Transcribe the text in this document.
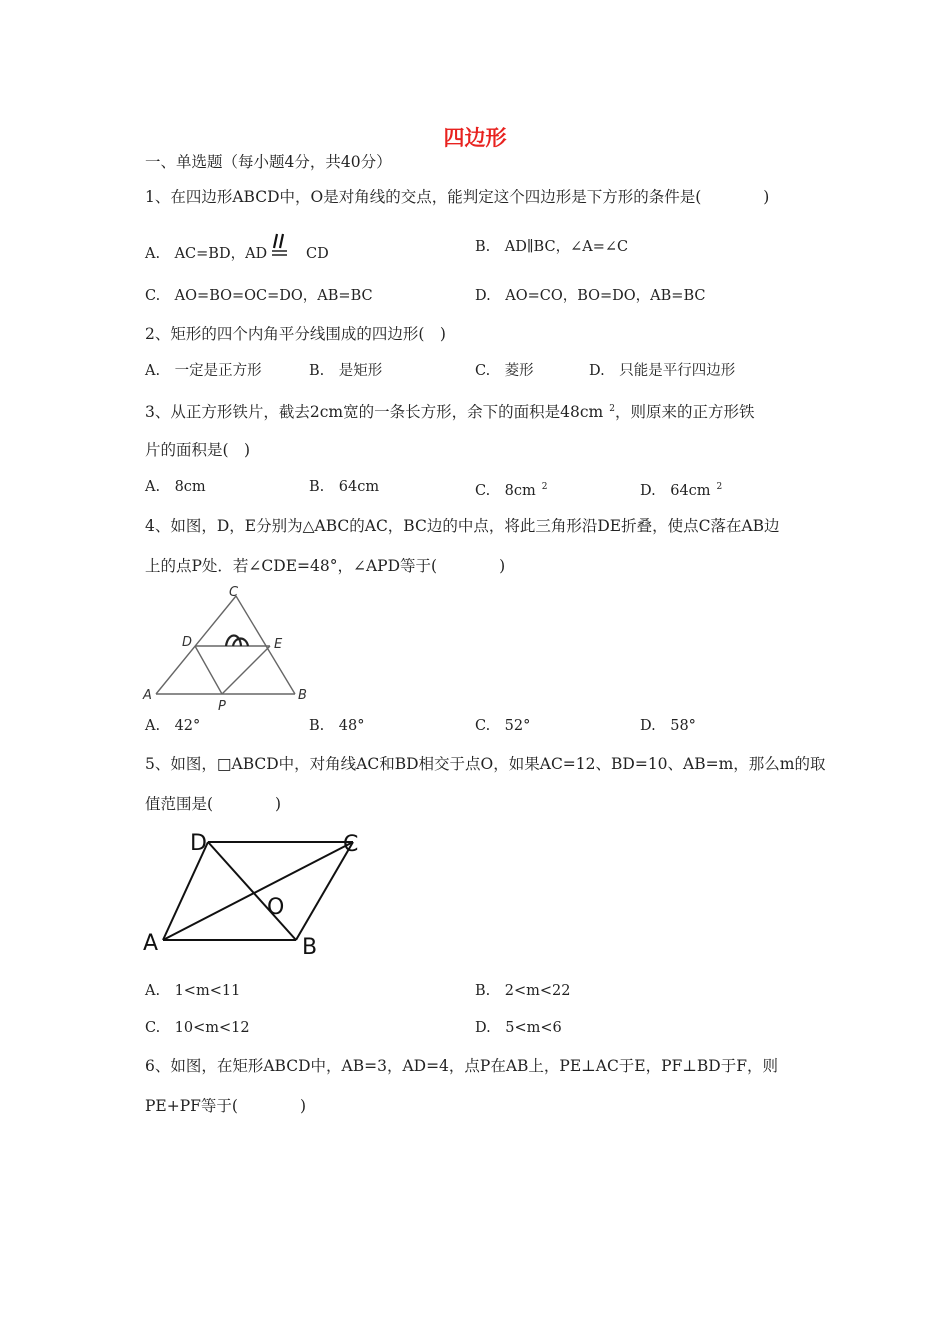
四边形
一、单选题（每小题4分，共40分）
1、在四边形ABCD中，O是对角线的交点，能判定这个四边形是下方形的条件是(　　　　)
A.　AC=BD，AD	CD	B.　AD∥BC，∠A=∠C
C.　AO=BO=OC=DO，AB=BC	D.　AO=CO，BO=DO，AB=BC
2、矩形的四个内角平分线围成的四边形(　)
A.　一定是正方形	B.　是矩形	C.　菱形	D.　只能是平行四边形
3、从正方形铁片，截去2cm宽的一条长方形，余下的面积是48cm $^2$，则原来的正方形铁
片的面积是(　)
A.　8cm	B.　64cm	C.　8cm $^2$	D.　64cm $^2$
4、如图，D，E分别为△ABC的AC，BC边的中点，将此三角形沿DE折叠，使点C落在AB边
上的点P处．若∠CDE=48°，∠APD等于(　　　　)
C
D	E
A	B
P
A.　42°	B.　48°	C.　52°	D.　58°
5、如图，□ABCD中，对角线AC和BD相交于点O，如果AC=12、BD=10、AB=m，那么m的取
值范围是(　　　　)
D	C
O
A	B
A.　1<m<11	B.　2<m<22
C.　10<m<12	D.　5<m<6
6、如图，在矩形ABCD中，AB=3，AD=4，点P在AB上，PE⊥AC于E，PF⊥BD于F，则
PE+PF等于(　　　　)
